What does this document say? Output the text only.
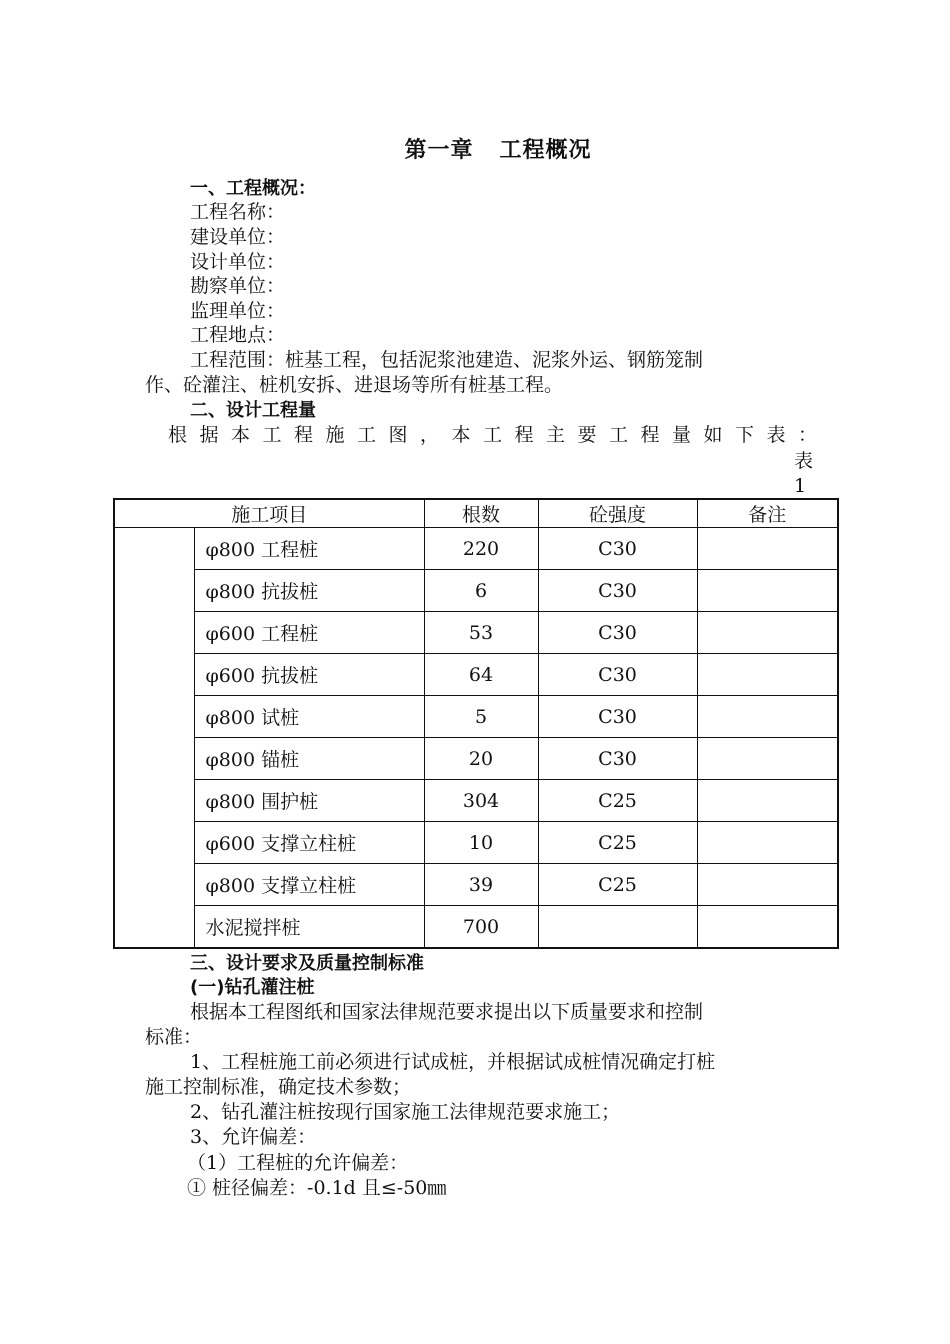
第一章   工程概况
一、工程概况：
工程名称：
建设单位：
设计单位：
勘察单位：
监理单位：
工程地点：
工程范围：桩基工程，包括泥浆池建造、泥浆外运、钢筋笼制
作、砼灌注、桩机安拆、进退场等所有桩基工程。
二、设计工程量
根据本工程施工图，本工程主要工程量如下表：
表
1
施工项目		根数	砼强度	备注
	φ800 工程桩	220	C30	
	φ800 抗拔桩	6	C30	
	φ600 工程桩	53	C30	
	φ600 抗拔桩	64	C30	
	φ800 试桩	5	C30	
	φ800 锚桩	20	C30	
	φ800 围护桩	304	C25	
	φ600 支撑立柱桩	10	C25	
	φ800 支撑立柱桩	39	C25	
	水泥搅拌桩	700		
三、设计要求及质量控制标准
(一)钻孔灌注桩
根据本工程图纸和国家法律规范要求提出以下质量要求和控制
标准：
1、工程桩施工前必须进行试成桩，并根据试成桩情况确定打桩
施工控制标准，确定技术参数；
2、钻孔灌注桩按现行国家施工法律规范要求施工；
3、允许偏差：
（1）工程桩的允许偏差：
① 桩径偏差：-0.1d 且≤-50㎜
